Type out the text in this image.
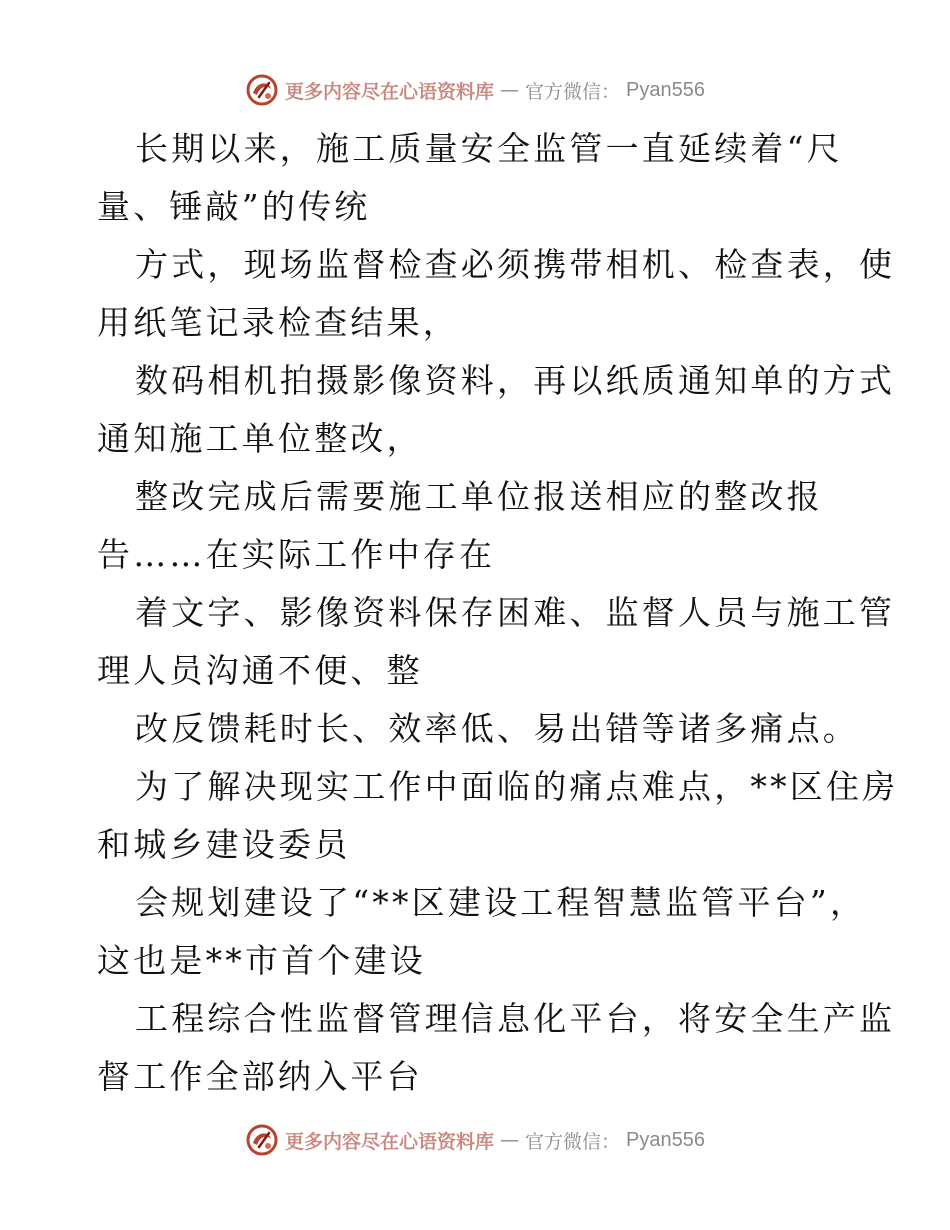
更多内容尽在心语资料库 — 官方微信： Pyan556
长期以来，施工质量安全监管一直延续着“尺
量、锤敲”的传统
方式，现场监督检查必须携带相机、检查表，使
用纸笔记录检查结果，
数码相机拍摄影像资料，再以纸质通知单的方式
通知施工单位整改，
整改完成后需要施工单位报送相应的整改报
告……在实际工作中存在
着文字、影像资料保存困难、监督人员与施工管
理人员沟通不便、整
改反馈耗时长、效率低、易出错等诸多痛点。
为了解决现实工作中面临的痛点难点，**区住房
和城乡建设委员
会规划建设了“**区建设工程智慧监管平台”，
这也是**市首个建设
工程综合性监督管理信息化平台，将安全生产监
督工作全部纳入平台
更多内容尽在心语资料库 — 官方微信： Pyan556
